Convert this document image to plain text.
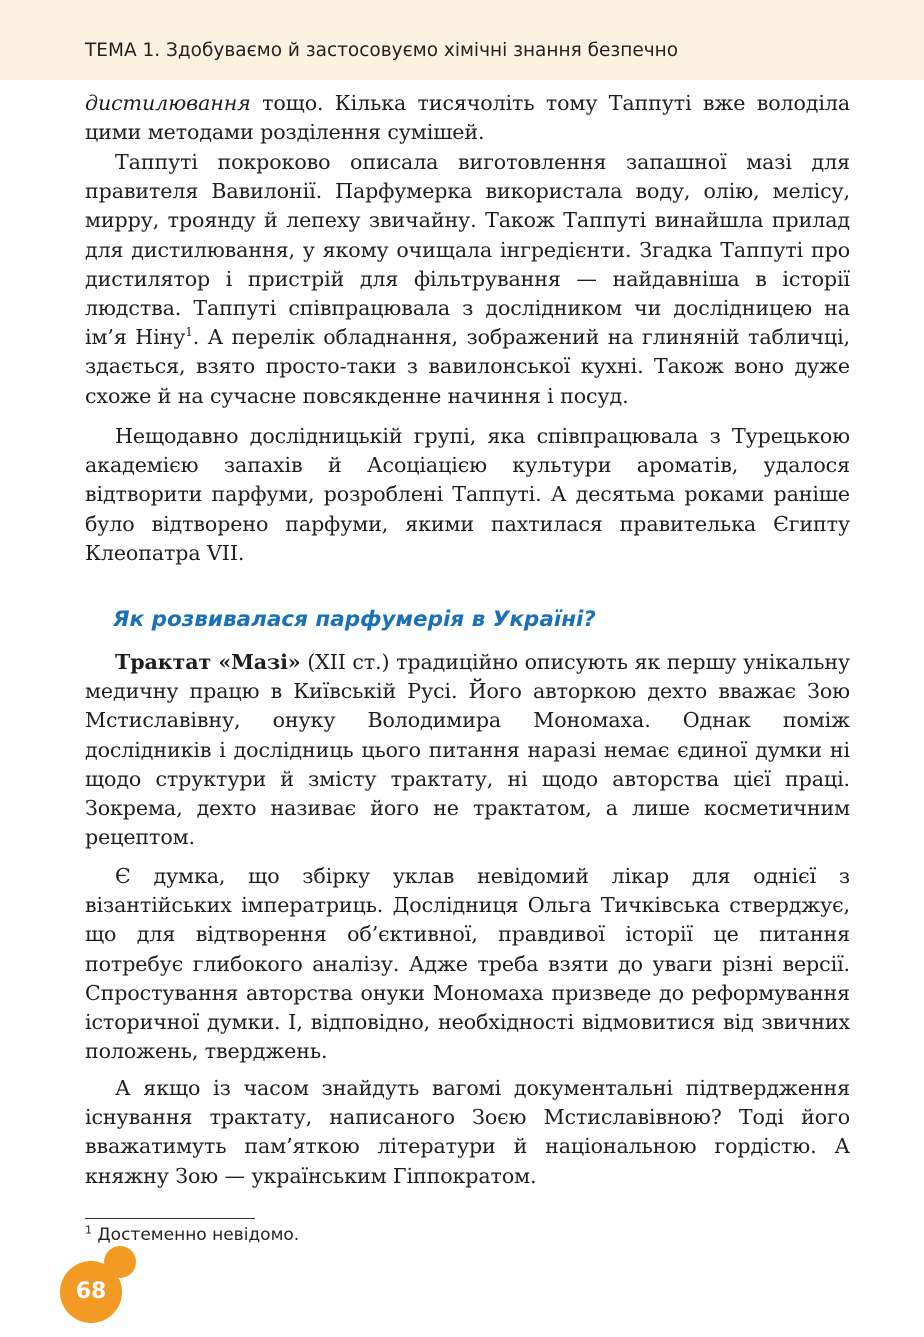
ТЕМА 1. Здобуваємо й застосовуємо хімічні знання безпечно

дистилювання тощо. Кілька тисячоліть тому Таппуті вже володіла цими методами розділення сумішей.

Таппуті покроково описала виготовлення запашної мазі для правителя Вавилонії. Парфумерка використала воду, олію, мелісу, мирру, троянду й лепеху звичайну. Також Таппуті винайшла прилад для дистилювання, у якому очищала інгредієнти. Згадка Таппуті про дистилятор і пристрій для фільтрування — найдавніша в історії людства. Таппуті співпрацювала з дослідником чи дослідницею на ім’я Ніну$^1$. А перелік обладнання, зображений на глиняній табличці, здається, взято просто-таки з вавилонської кухні. Також воно дуже схоже й на сучасне повсякденне начиння і посуд.

Нещодавно дослідницькій групі, яка співпрацювала з Турецькою академією запахів й Асоціацією культури ароматів, удалося відтворити парфуми, розроблені Таппуті. А десятьма роками раніше було відтворено парфуми, якими пахтилася правителька Єгипту Клеопатра VII.

Як розвивалася парфумерія в Україні?

Трактат «Мазі» (XII ст.) традиційно описують як першу унікальну медичну працю в Київській Русі. Його авторкою дехто вважає Зою Мстиславівну, онуку Володимира Мономаха. Однак поміж дослідників і дослідниць цього питання наразі немає єдиної думки ні щодо структури й змісту трактату, ні щодо авторства цієї праці. Зокрема, дехто називає його не трактатом, а лише косметичним рецептом.

Є думка, що збірку уклав невідомий лікар для однієї з візантійських імператриць. Дослідниця Ольга Тичківська стверджує, що для відтворення об’єктивної, правдивої історії це питання потребує глибокого аналізу. Адже треба взяти до уваги різні версії. Спростування авторства онуки Мономаха призведе до реформування історичної думки. І, відповідно, необхідності відмовитися від звичних положень, тверджень.

А якщо із часом знайдуть вагомі документальні підтвердження існування трактату, написаного Зоєю Мстиславівною? Тоді його вважатимуть пам’яткою літератури й національною гордістю. А княжну Зою — українським Гіппократом.

$^1$ Достеменно невідомо.
68
